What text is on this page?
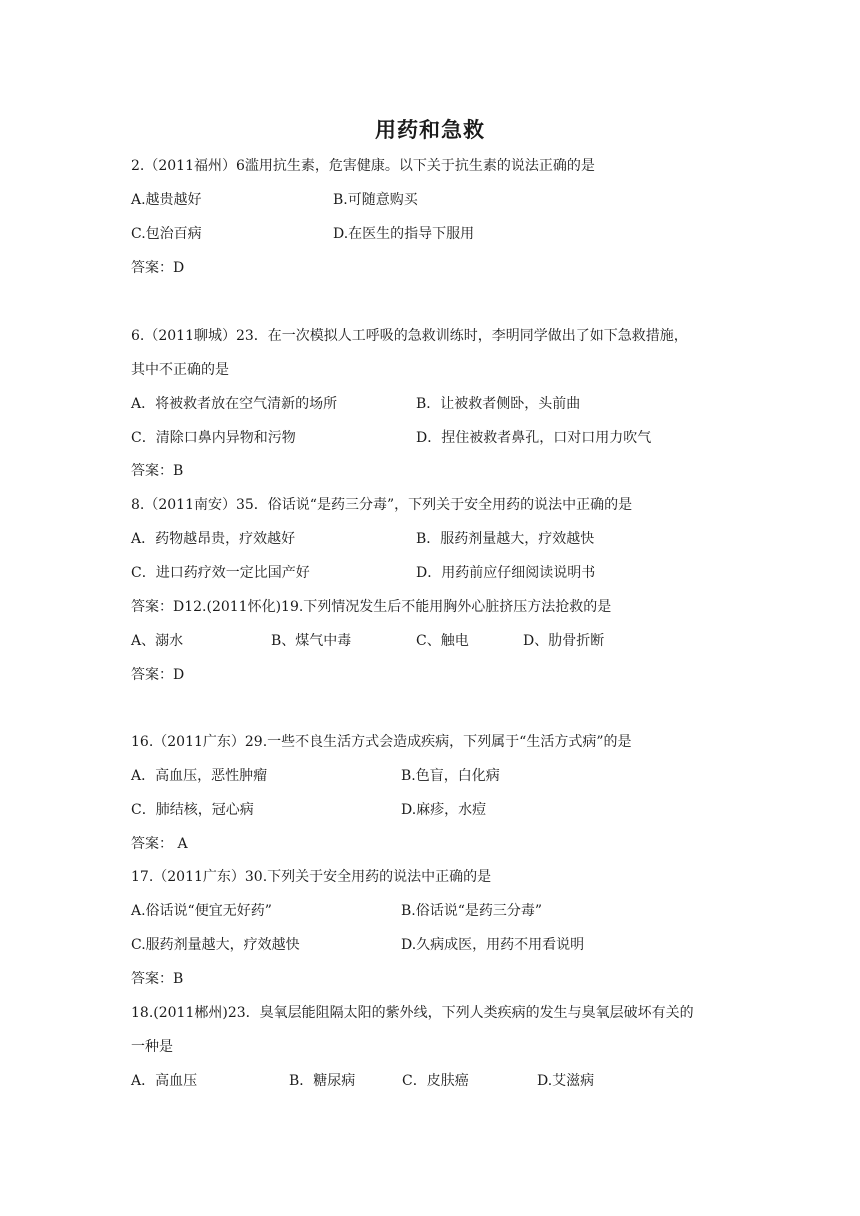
用药和急救
2.（2011福州）6滥用抗生素，危害健康。以下关于抗生素的说法正确的是
A.越贵越好	B.可随意购买
C.包治百病	D.在医生的指导下服用
答案：D
6.（2011聊城）23．在一次模拟人工呼吸的急救训练时，李明同学做出了如下急救措施，
其中不正确的是
A．将被救者放在空气清新的场所	B．让被救者侧卧，头前曲
C．清除口鼻内异物和污物	D．捏住被救者鼻孔，口对口用力吹气
答案：B
8.（2011南安）35．俗话说“是药三分毒”，下列关于安全用药的说法中正确的是
A．药物越昂贵，疗效越好	B．服药剂量越大，疗效越快
C．进口药疗效一定比国产好	D．用药前应仔细阅读说明书
答案：D12.(2011怀化)19.下列情况发生后不能用胸外心脏挤压方法抢救的是
A、溺水	B、煤气中毒	C、触电	D、肋骨折断
答案：D
16.（2011广东）29.一些不良生活方式会造成疾病，下列属于“生活方式病”的是
A．高血压，恶性肿瘤	B.色盲，白化病
C．肺结核，冠心病	D.麻疹，水痘
答案： A
17.（2011广东）30.下列关于安全用药的说法中正确的是
A.俗话说“便宜无好药”	B.俗话说“是药三分毒”
C.服药剂量越大，疗效越快	D.久病成医，用药不用看说明
答案：B
18.(2011郴州)23．臭氧层能阻隔太阳的紫外线，下列人类疾病的发生与臭氧层破坏有关的
一种是
A．高血压	B．糖尿病	C．皮肤癌	D.艾滋病
